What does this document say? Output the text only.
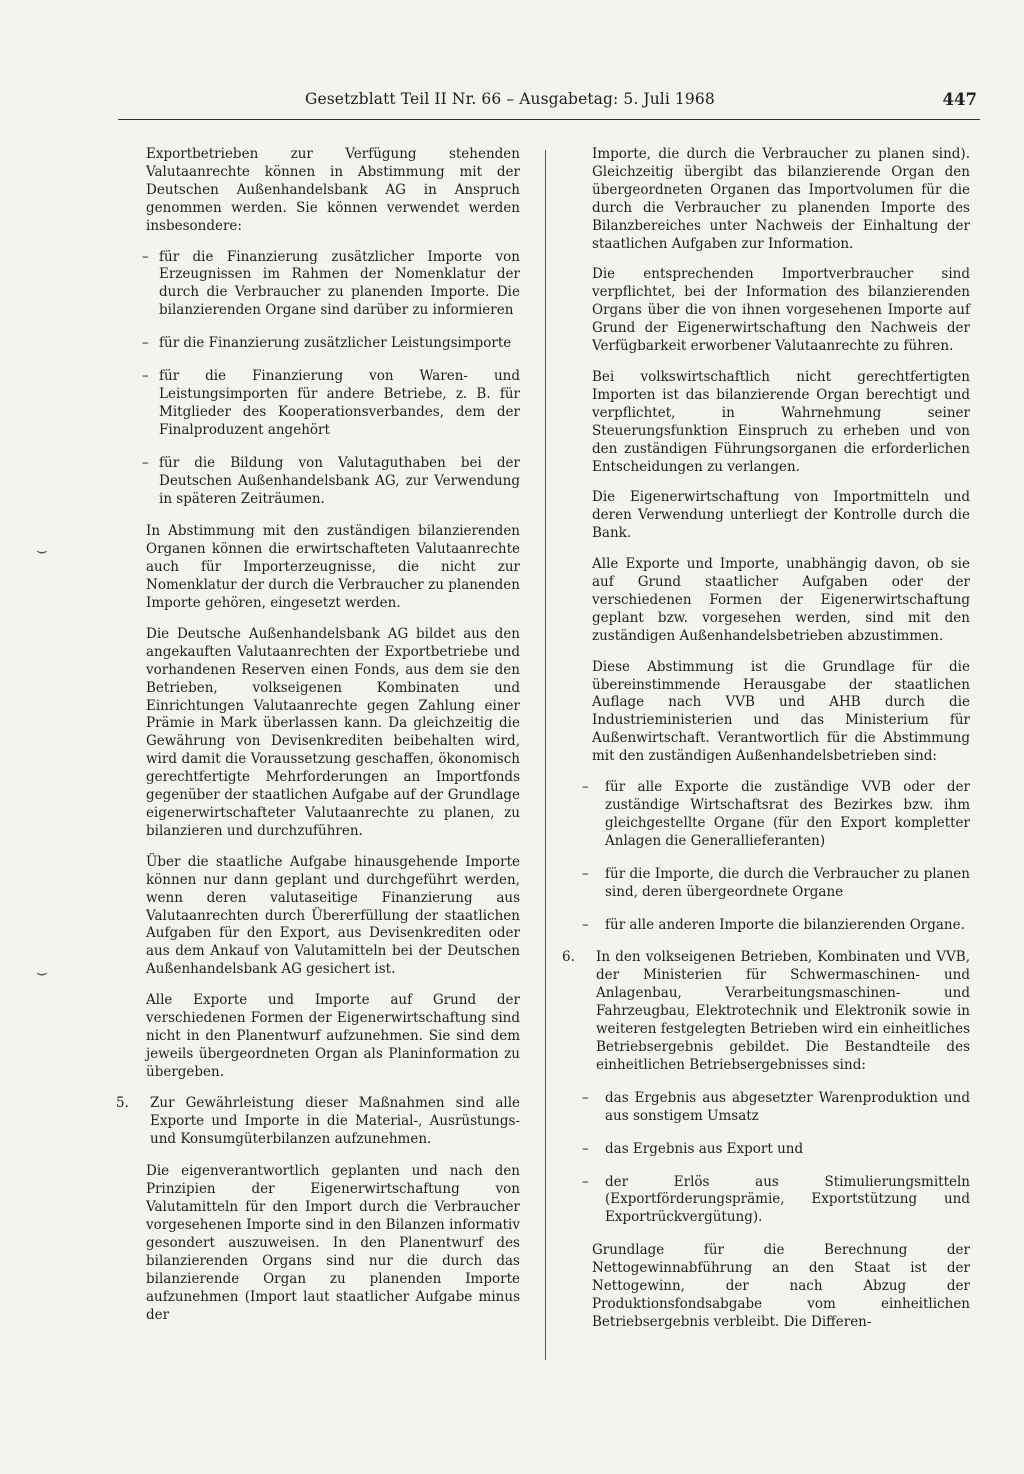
Gesetzblatt Teil II Nr. 66 – Ausgabetag: 5. Juli 1968	447
Exportbetrieben zur Verfügung stehenden Valutaanrechte können in Abstimmung mit der Deutschen Außenhandelsbank AG in Anspruch genommen werden. Sie können verwendet werden insbesondere:
– für die Finanzierung zusätzlicher Importe von Erzeugnissen im Rahmen der Nomenklatur der durch die Verbraucher zu planenden Importe. Die bilanzierenden Organe sind darüber zu informieren
– für die Finanzierung zusätzlicher Leistungsimporte
– für die Finanzierung von Waren- und Leistungsimporten für andere Betriebe, z. B. für Mitglieder des Kooperationsverbandes, dem der Finalproduzent angehört
– für die Bildung von Valutaguthaben bei der Deutschen Außenhandelsbank AG, zur Verwendung in späteren Zeiträumen.
In Abstimmung mit den zuständigen bilanzierenden Organen können die erwirtschafteten Valutaanrechte auch für Importerzeugnisse, die nicht zur Nomenklatur der durch die Verbraucher zu planenden Importe gehören, eingesetzt werden.
Die Deutsche Außenhandelsbank AG bildet aus den angekauften Valutaanrechten der Exportbetriebe und vorhandenen Reserven einen Fonds, aus dem sie den Betrieben, volkseigenen Kombinaten und Einrichtungen Valutaanrechte gegen Zahlung einer Prämie in Mark überlassen kann. Da gleichzeitig die Gewährung von Devisenkrediten beibehalten wird, wird damit die Voraussetzung geschaffen, ökonomisch gerechtfertigte Mehrforderungen an Importfonds gegenüber der staatlichen Aufgabe auf der Grundlage eigenerwirtschafteter Valutaanrechte zu planen, zu bilanzieren und durchzuführen.
Über die staatliche Aufgabe hinausgehende Importe können nur dann geplant und durchgeführt werden, wenn deren valutaseitige Finanzierung aus Valutaanrechten durch Übererfüllung der staatlichen Aufgaben für den Export, aus Devisenkrediten oder aus dem Ankauf von Valutamitteln bei der Deutschen Außenhandelsbank AG gesichert ist.
Alle Exporte und Importe auf Grund der verschiedenen Formen der Eigenerwirtschaftung sind nicht in den Planentwurf aufzunehmen. Sie sind dem jeweils übergeordneten Organ als Planinformation zu übergeben.
5. Zur Gewährleistung dieser Maßnahmen sind alle Exporte und Importe in die Material-, Ausrüstungs- und Konsumgüterbilanzen aufzunehmen.
Die eigenverantwortlich geplanten und nach den Prinzipien der Eigenerwirtschaftung von Valutamitteln für den Import durch die Verbraucher vorgesehenen Importe sind in den Bilanzen informativ gesondert auszuweisen. In den Planentwurf des bilanzierenden Organs sind nur die durch das bilanzierende Organ zu planenden Importe aufzunehmen (Import laut staatlicher Aufgabe minus der
Importe, die durch die Verbraucher zu planen sind). Gleichzeitig übergibt das bilanzierende Organ den übergeordneten Organen das Importvolumen für die durch die Verbraucher zu planenden Importe des Bilanzbereiches unter Nachweis der Einhaltung der staatlichen Aufgaben zur Information.
Die entsprechenden Importverbraucher sind verpflichtet, bei der Information des bilanzierenden Organs über die von ihnen vorgesehenen Importe auf Grund der Eigenerwirtschaftung den Nachweis der Verfügbarkeit erworbener Valutaanrechte zu führen.
Bei volkswirtschaftlich nicht gerechtfertigten Importen ist das bilanzierende Organ berechtigt und verpflichtet, in Wahrnehmung seiner Steuerungsfunktion Einspruch zu erheben und von den zuständigen Führungsorganen die erforderlichen Entscheidungen zu verlangen.
Die Eigenerwirtschaftung von Importmitteln und deren Verwendung unterliegt der Kontrolle durch die Bank.
Alle Exporte und Importe, unabhängig davon, ob sie auf Grund staatlicher Aufgaben oder der verschiedenen Formen der Eigenerwirtschaftung geplant bzw. vorgesehen werden, sind mit den zuständigen Außenhandelsbetrieben abzustimmen.
Diese Abstimmung ist die Grundlage für die übereinstimmende Herausgabe der staatlichen Auflage nach VVB und AHB durch die Industrieministerien und das Ministerium für Außenwirtschaft. Verantwortlich für die Abstimmung mit den zuständigen Außenhandelsbetrieben sind:
– für alle Exporte die zuständige VVB oder der zuständige Wirtschaftsrat des Bezirkes bzw. ihm gleichgestellte Organe (für den Export kompletter Anlagen die Generallieferanten)
– für die Importe, die durch die Verbraucher zu planen sind, deren übergeordnete Organe
– für alle anderen Importe die bilanzierenden Organe.
6. In den volkseigenen Betrieben, Kombinaten und VVB, der Ministerien für Schwermaschinen- und Anlagenbau, Verarbeitungsmaschinen- und Fahrzeugbau, Elektrotechnik und Elektronik sowie in weiteren festgelegten Betrieben wird ein einheitliches Betriebsergebnis gebildet. Die Bestandteile des einheitlichen Betriebsergebnisses sind:
– das Ergebnis aus abgesetzter Warenproduktion und aus sonstigem Umsatz
– das Ergebnis aus Export und
– der Erlös aus Stimulierungsmitteln (Exportförderungsprämie, Exportstützung und Exportrückvergütung).
Grundlage für die Berechnung der Nettogewinnabführung an den Staat ist der Nettogewinn, der nach Abzug der Produktionsfondsabgabe vom einheitlichen Betriebsergebnis verbleibt. Die Differen-
⌣
⌣
